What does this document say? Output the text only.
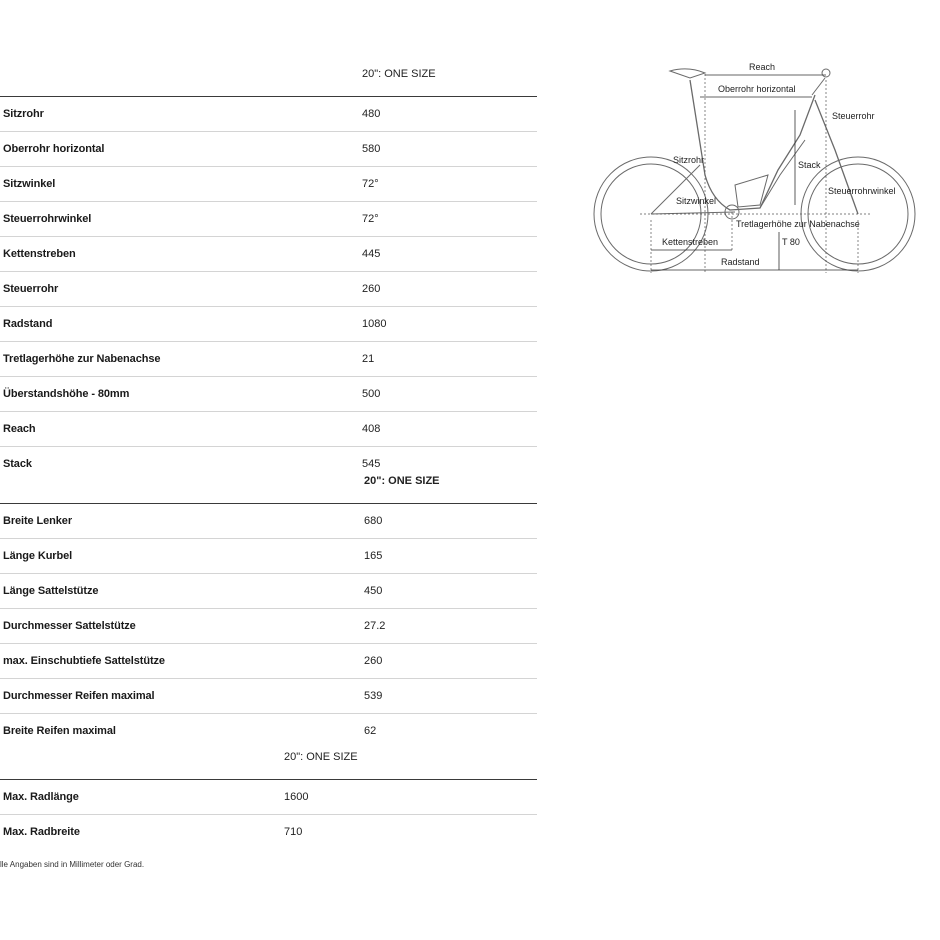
20": ONE SIZE
Sitzrohr	480
Oberrohr horizontal	580
Sitzwinkel	72°
Steuerrohrwinkel	72°
Kettenstreben	445
Steuerrohr	260
Radstand	1080
Tretlagerhöhe zur Nabenachse	21
Überstandshöhe - 80mm	500
Reach	408
Stack	545
20": ONE SIZE
Breite Lenker	680
Länge Kurbel	165
Länge Sattelstütze	450
Durchmesser Sattelstütze	27.2
max. Einschubtiefe Sattelstütze	260
Durchmesser Reifen maximal	539
Breite Reifen maximal	62
20": ONE SIZE
Max. Radlänge	1600
Max. Radbreite	710
lle Angaben sind in Millimeter oder Grad.
Reach
Oberrohr horizontal
Steuerrohr
Sitzrohr	Stack
Steuerrohrwinkel
Sitzwinkel
Tretlagerhöhe zur Nabenachse
Kettenstreben	T 80
Radstand
